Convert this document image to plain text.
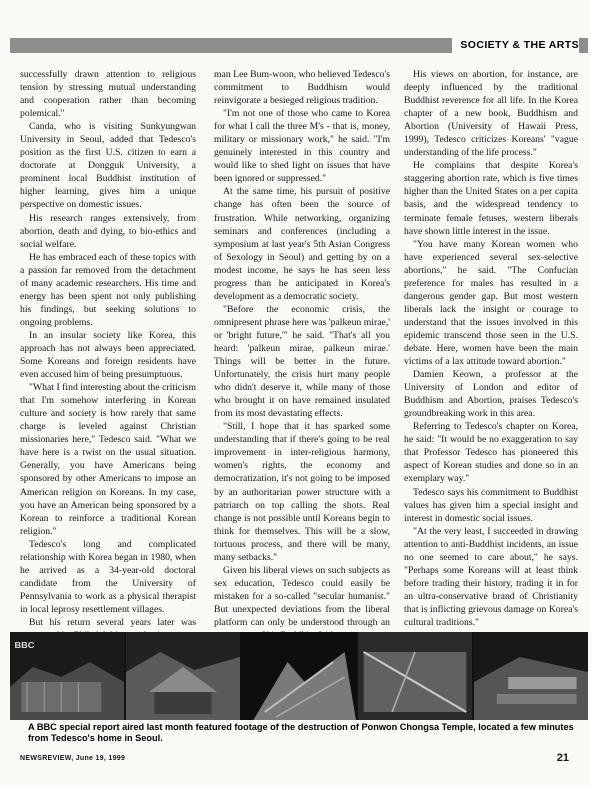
SOCIETY & THE ARTS

successfully drawn attention to religious tension by stressing mutual understanding and cooperation rather than becoming polemical."

Canda, who is visiting Sunkyungwan University in Seoul, added that Tedesco's position as the first U.S. citizen to earn a doctorate at Dongguk University, a prominent local Buddhist institution of higher learning, gives him a unique perspective on domestic issues.

His research ranges extensively, from abortion, death and dying, to bio-ethics and social welfare.

He has embraced each of these topics with a passion far removed from the detachment of many academic researchers. His time and energy has been spent not only publishing his findings, but seeking solutions to ongoing problems.

In an insular society like Korea, this approach has not always been appreciated. Some Koreans and foreign residents have even accused him of being presumptuous.

"What I find interesting about the criticism that I'm somehow interfering in Korean culture and society is how rarely that same charge is leveled against Christian missionaries here," Tedesco said. "What we have here is a twist on the usual situation. Generally, you have Americans being sponsored by other Americans to impose an American religion on Koreans. In my case, you have an American being sponsored by a Korean to reinforce a traditional Korean religion."

Tedesco's long and complicated relationship with Korea began in 1980, when he arrived as a 34-year-old doctoral candidate from the University of Pennsylvania to work as a physical therapist in local leprosy resettlement villages.

But his return several years later was

man Lee Bum-woon, who believed Tedesco's commitment to Buddhism would reinvigorate a besieged religious tradition.

"I'm not one of those who came to Korea for what I call the three M's - that is, money, military or missionary work," he said. "I'm genuinely interested in this country and would like to shed light on issues that have been ignored or suppressed."

At the same time, his pursuit of positive change has often been the source of frustration. While networking, organizing seminars and conferences (including a symposium at last year's 5th Asian Congress of Sexology in Seoul) and getting by on a modest income, he says he has seen less progress than he anticipated in Korea's development as a democratic society.

"Before the economic crisis, the omnipresent phrase here was 'palkeun mirae,' or 'bright future,'" he said. "That's all you heard: 'palkeun mirae, palkeun mirae.' Things will be better in the future. Unfortunately, the crisis hurt many people who didn't deserve it, while many of those who brought it on have remained insulated from its most devastating effects.

"Still, I hope that it has sparked some understanding that if there's going to be real improvement in inter-religious harmony, women's rights, the economy and democratization, it's not going to be imposed by an authoritarian power structure with a patriarch on top calling the shots. Real change is not possible until Koreans begin to think for themselves. This will be a slow, tortuous process, and there will be many, many setbacks."

Given his liberal views on such subjects as sex education, Tedesco could easily be mistaken for a so-called "secular humanist." But unexpected deviations from the liberal platform can only be understood through an

His views on abortion, for instance, are deeply influenced by the traditional Buddhist reverence for all life. In the Korea chapter of a new book, Buddhism and Abortion (University of Hawaii Press, 1999), Tedesco criticizes Koreans' "vague understanding of the life process."

He complains that despite Korea's staggering abortion rate, which is five times higher than the United States on a per capita basis, and the widespread tendency to terminate female fetuses, western liberals have shown little interest in the issue.

"You have many Korean women who have experienced several sex-selective abortions," he said. "The Confucian preference for males has resulted in a dangerous gender gap. But most western liberals lack the insight or courage to understand that the issues involved in this epidemic transcend those seen in the U.S. debate. Here, women have been the main victims of a lax attitude toward abortion."

Damien Keown, a professor at the University of London and editor of Buddhism and Abortion, praises Tedesco's groundbreaking work in this area.

Referring to Tedesco's chapter on Korea, he said: "It would be no exaggeration to say that Professor Tedesco has pioneered this aspect of Korean studies and done so in an exemplary way."

Tedesco says his commitment to Buddhist values has given him a special insight and interest in domestic social issues.

"At the very least, I succeeded in drawing attention to anti-Buddhist incidents, an issue no one seemed to care about," he says. "Perhaps some Koreans will at least think before trading their history, trading it in for an ultra-conservative brand of Christianity that is inflicting grievous damage on Korea's cultural traditions."

BBC
A BBC special report aired last month featured footage of the destruction of Ponwon Chongsa Temple, located a few minutes from Tedesco's home in Seoul.
NEWSREVIEW, June 19, 1999	21
